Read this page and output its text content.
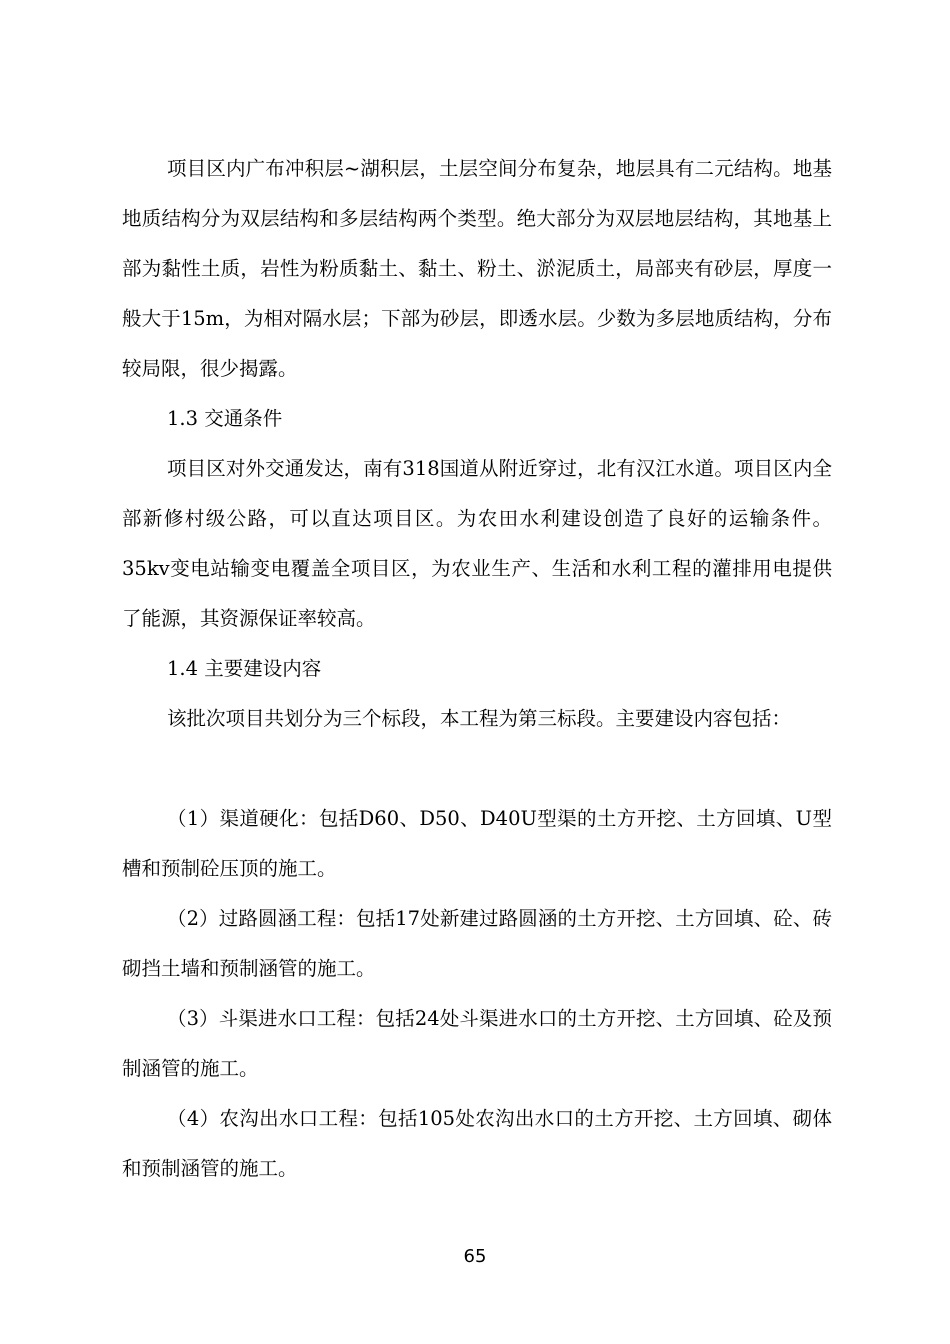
项目区内广布冲积层~湖积层，土层空间分布复杂，地层具有二元结构。地基地质结构分为双层结构和多层结构两个类型。绝大部分为双层地层结构，其地基上部为黏性土质，岩性为粉质黏土、黏土、粉土、淤泥质土，局部夹有砂层，厚度一般大于15m，为相对隔水层；下部为砂层，即透水层。少数为多层地质结构，分布较局限，很少揭露。

1.3 交通条件

项目区对外交通发达，南有318国道从附近穿过，北有汉江水道。项目区内全部新修村级公路，可以直达项目区。为农田水利建设创造了良好的运输条件。35kv变电站输变电覆盖全项目区，为农业生产、生活和水利工程的灌排用电提供了能源，其资源保证率较高。

1.4 主要建设内容

该批次项目共划分为三个标段，本工程为第三标段。主要建设内容包括：

（1）渠道硬化：包括D60、D50、D40U型渠的土方开挖、土方回填、U型槽和预制砼压顶的施工。

（2）过路圆涵工程：包括17处新建过路圆涵的土方开挖、土方回填、砼、砖砌挡土墙和预制涵管的施工。

（3）斗渠进水口工程：包括24处斗渠进水口的土方开挖、土方回填、砼及预制涵管的施工。

（4）农沟出水口工程：包括105处农沟出水口的土方开挖、土方回填、砌体和预制涵管的施工。

65
